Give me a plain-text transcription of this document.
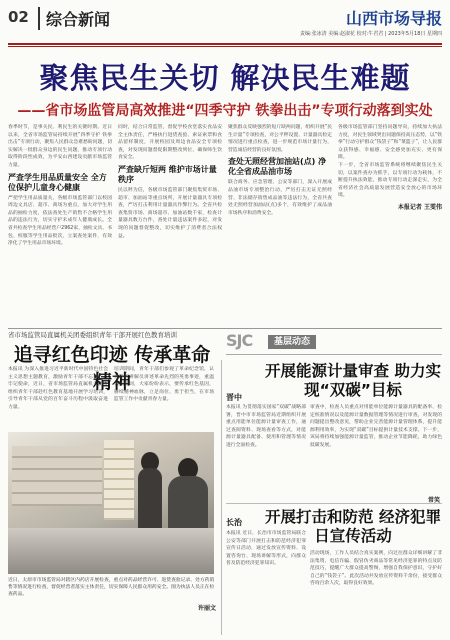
02	综合新闻	山西市场导报
责编:张冰清 美编:赵淑花 校对:牛君君 | 2023年5月18日 星期四
聚焦民生关切 解决民生难题
——省市场监管局高效推进“四季守护 铁拳出击”专项行动落到实处

春季时节，是事关民、利民生的关键时期。近日以来，全省市场监管局持续开展“四季守护 铁拳出击”专项行动，聚焦人民群众急难愁盼问题，切实解决一批群众身边的民生问题，推动专项行动取得阶段性成效，为平安山西建设贡献市场监管力量。

严查学生用品质量安全 全方位保护儿童身心健康

严把学生用品质量关，各级市场监管部门以校园周边文具店、超市、商场为重点，加大对学生用品的抽检力度，依法查处生产销售不合格学生用品的违法行为，切实守护未成年人健康成长。全省共检查学生用品经营户2962家，抽检文具、书包、校服等学生用品批次，立案查处案件，有效净化了学生用品市场环境。

同时，结合日常监管，督促学校食堂落实食品安全主体责任，严格执行进货查验、索证索票和食品留样制度，开展校园及周边食品安全专项检查，对发现问题督促限期整改到位，确保师生饮食安全。

严查缺斤短两 维护市场计量秩序

民以秤为信，各级市场监管部门聚焦集贸市场、超市、加油站等重点场所，开展计量器具专项检查，严厉打击利用计量器具作弊行为。全省共检查集贸市场、商场超市、加油站数千家，检查计量器具数万台件，查处计量违法案件多起，对发现的问题督促整改，切实维护了消费者合法权益。

聚焦群众反映强烈的短斤缺两问题，组织开展“民生计量”专项检查，对公平秤设置、计量器具检定情况进行重点检查，进一步规范市场计量行为，营造诚信经营的良好氛围。

查处无照经营加油站(点) 净化全省成品油市场

联合商务、应急管理、公安等部门，深入开展成品油市场专项整治行动，严厉打击无证无照经营、非法储存销售成品油等违法行为，全省共查处无照经营加油站(点)多个，有效维护了成品油市场秩序和消费安全。

各级市场监管部门坚持问题导向，持续加大执法力度，对民生领域突出问题保持高压态势，以“铁拳”行动守护群众“钱袋子”和“菜篮子”，让人民群众获得感、幸福感、安全感更加充实、更有保障。

下一步，全省市场监管系统将继续聚焦民生关切，以案件查办为抓手，以专项行动为载体，不断提升执法效能，推动专项行动走深走实，为全省经济社会高质量发展营造安全放心的市场环境。

本报记者 王雯伟

省市场监管局直属机关团委组织青年干部开展红色教育培训
追寻红色印迹 传承革命精神

本报讯 为深入推进习近平新时代中国特色社会主义思想主题教育，激励青年干部不忘初心、牢记使命，近日，省市场监管局直属机关团委组织青年干部赴红色教育基地开展学习培训，引导青年干部从党的百年奋斗历程中汲取奋进力量。

培训期间，青年干部们参观了革命纪念馆，认真聆听讲解员讲述革命先烈的英勇事迹，重温入团誓词，大家纷纷表示，要传承红色基因，赓续精神血脉，立足岗位、勇于担当，在市场监管工作中贡献青春力量。

近日，太原市市场监管局对辖区内药店开展检查，重点对药品经营许可、进货查验记录、处方药销售等情况进行检查，督促经营者落实主体责任，切实保障人民群众用药安全。图为执法人员正在检查药品。

许丽文
SJC	基层动态
晋中
开展能源计量审查 助力实现“双碳”目标

本报讯 为贯彻落实国家“双碳”战略部署，晋中市市场监管局近期组织开展重点用能单位能源计量审查工作，通过查阅资料、现场查看等方式，对能源计量器具配备、使用和管理等情况进行全面检查。

审查中，检查人员重点对用能单位能源计量器具的配备率、检定校准情况以及能源计量数据管理等情况进行审查，对发现的问题提出整改意见，帮助企业完善能源计量管理体系，提升能源利用效率，为实现“双碳”目标提供计量技术支撑。下一步，该局将持续加强能源计量监管，推动企业节能降耗，助力绿色低碳发展。

常笑
长治	开展打击和防范 经济犯罪日宣传活动

本报讯 近日，长治市市场监管局联合公安等部门开展打击和防范经济犯罪宣传日活动，通过发放宣传资料、设置咨询台、现场讲解等形式，向群众普及防范经济犯罪知识。

活动现场，工作人员结合真实案例，向过往群众详细讲解了非法集资、电信诈骗、假冒伪劣商品等常见经济犯罪的特点及防范技巧，提醒广大群众提高警惕，增强自我保护意识，守护好自己的“钱袋子”。此次活动共发放宣传资料千余份，接受群众咨询百余人次，取得良好效果。
